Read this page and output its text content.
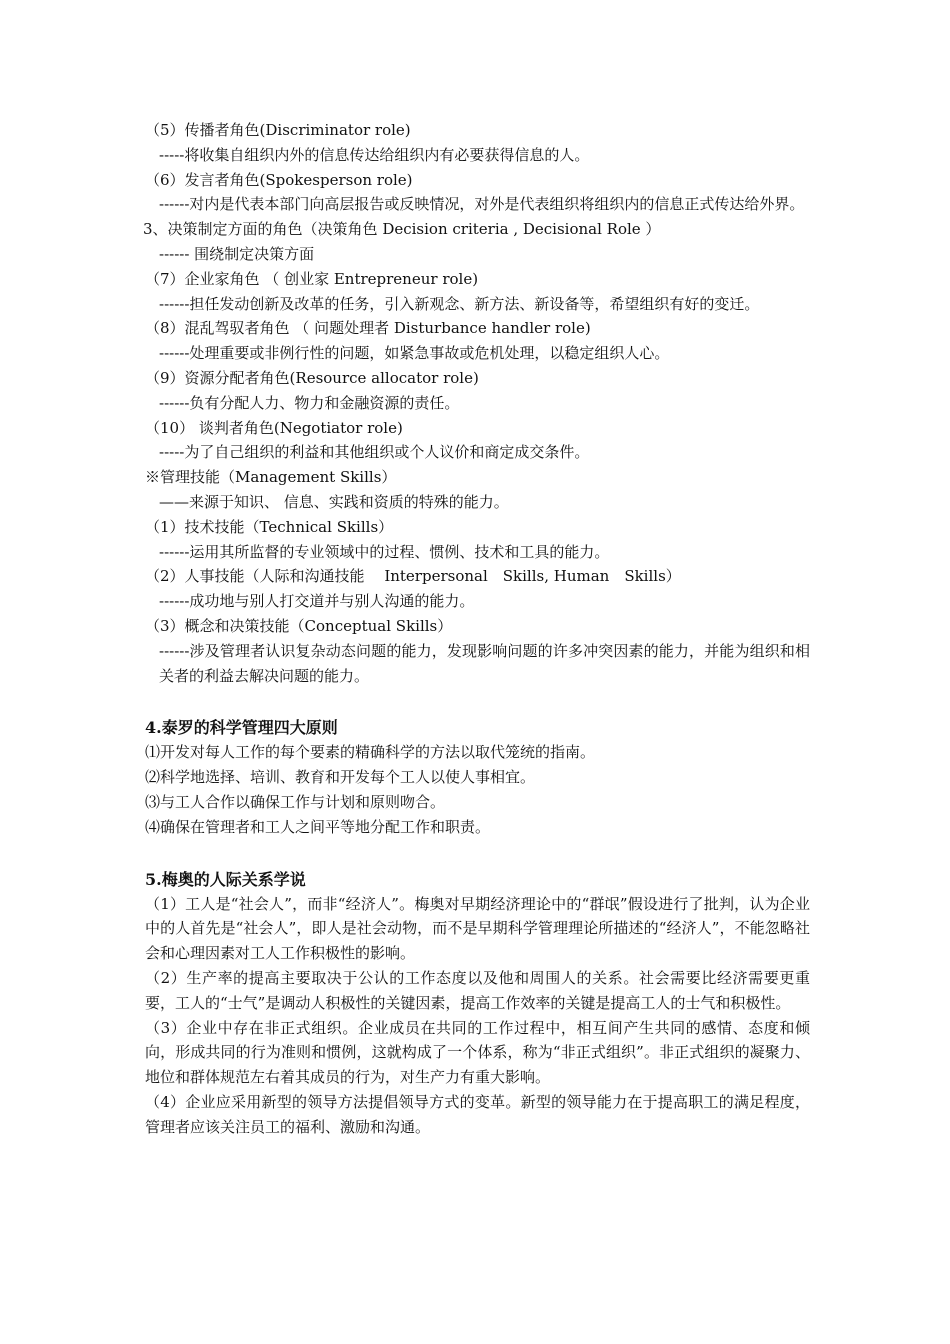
（5）传播者角色(Discriminator role)
-----将收集自组织内外的信息传达给组织内有必要获得信息的人。
（6）发言者角色(Spokesperson role)
------对内是代表本部门向高层报告或反映情况，对外是代表组织将组织内的信息正式传达给外界。
3、决策制定方面的角色（决策角色 Decision criteria , Decisional Role ）
------ 围绕制定决策方面
（7）企业家角色 （ 创业家 Entrepreneur role)
------担任发动创新及改革的任务，引入新观念、新方法、新设备等，希望组织有好的变迁。
（8）混乱驾驭者角色 （ 问题处理者 Disturbance handler role)
------处理重要或非例行性的问题，如紧急事故或危机处理，以稳定组织人心。
（9）资源分配者角色(Resource allocator role)
------负有分配人力、物力和金融资源的责任。
（10） 谈判者角色(Negotiator role)
-----为了自己组织的利益和其他组织或个人议价和商定成交条件。
※管理技能（Management Skills）
——来源于知识、 信息、实践和资质的特殊的能力。
（1）技术技能（Technical Skills）
------运用其所监督的专业领域中的过程、惯例、技术和工具的能力。
（2）人事技能（人际和沟通技能　 Interpersonal　Skills, Human　Skills）
------成功地与别人打交道并与别人沟通的能力。
（3）概念和决策技能（Conceptual Skills）
------涉及管理者认识复杂动态问题的能力，发现影响问题的许多冲突因素的能力，并能为组织和相关者的利益去解决问题的能力。
4.泰罗的科学管理四大原则
⑴开发对每人工作的每个要素的精确科学的方法以取代笼统的指南。
⑵科学地选择、培训、教育和开发每个工人以使人事相宜。
⑶与工人合作以确保工作与计划和原则吻合。
⑷确保在管理者和工人之间平等地分配工作和职责。
5.梅奥的人际关系学说
（1）工人是“社会人”，而非“经济人”。梅奥对早期经济理论中的“群氓”假设进行了批判，认为企业中的人首先是“社会人”，即人是社会动物，而不是早期科学管理理论所描述的“经济人”，不能忽略社会和心理因素对工人工作积极性的影响。
（2）生产率的提高主要取决于公认的工作态度以及他和周围人的关系。社会需要比经济需要更重要，工人的“士气”是调动人积极性的关键因素，提高工作效率的关键是提高工人的士气和积极性。
（3）企业中存在非正式组织。企业成员在共同的工作过程中，相互间产生共同的感情、态度和倾向，形成共同的行为准则和惯例，这就构成了一个体系，称为“非正式组织”。非正式组织的凝聚力、地位和群体规范左右着其成员的行为，对生产力有重大影响。
（4）企业应采用新型的领导方法提倡领导方式的变革。新型的领导能力在于提高职工的满足程度，管理者应该关注员工的福利、激励和沟通。
